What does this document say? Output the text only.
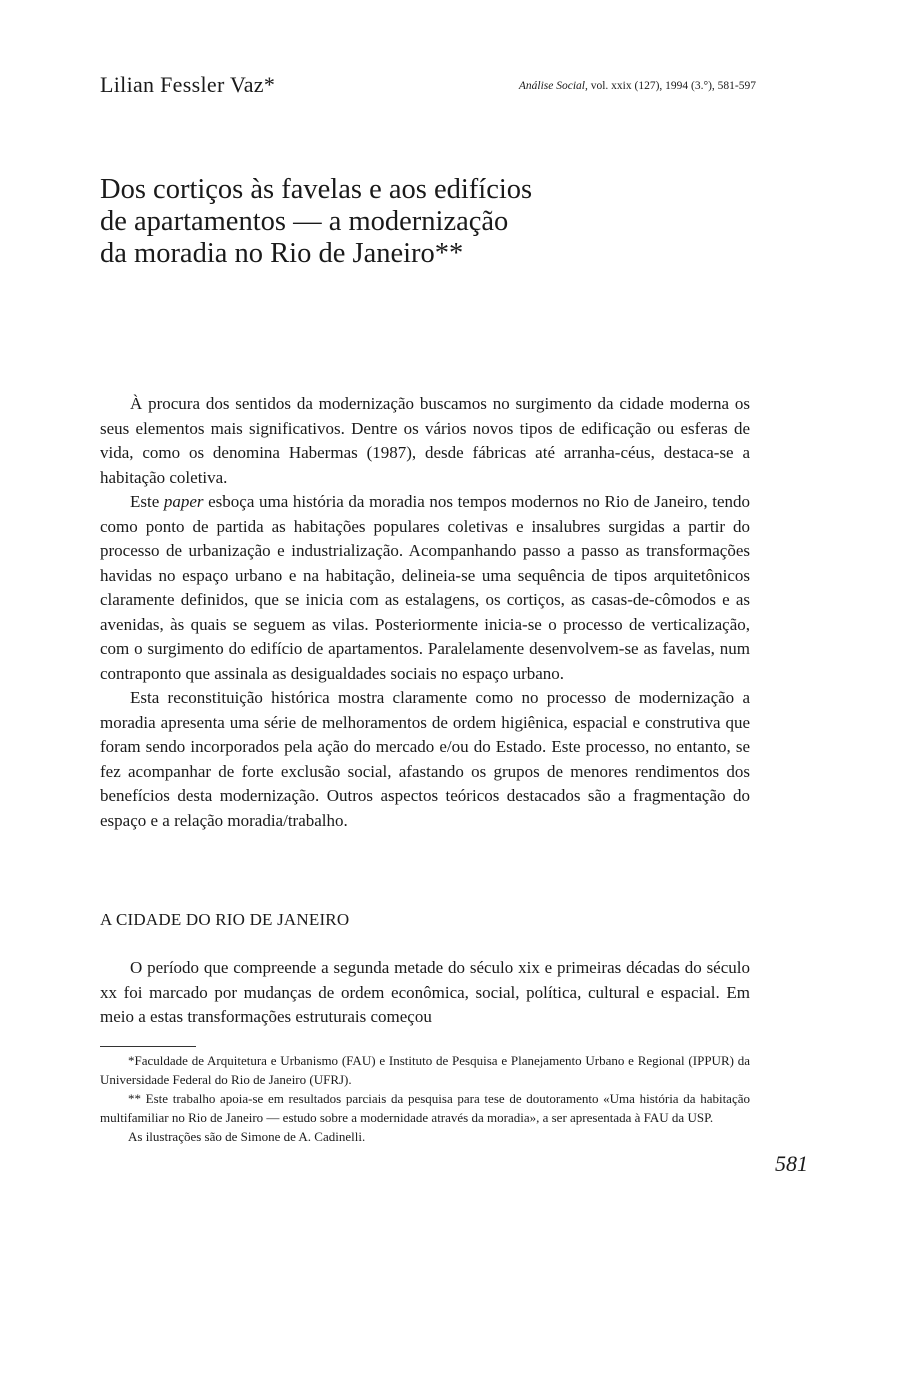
Lilian Fessler Vaz*	Análise Social, vol. xxix (127), 1994 (3.°), 581-597
Dos cortiços às favelas e aos edifícios
de apartamentos — a modernização
da moradia no Rio de Janeiro**

À procura dos sentidos da modernização buscamos no surgimento da cidade moderna os seus elementos mais significativos. Dentre os vários novos tipos de edificação ou esferas de vida, como os denomina Habermas (1987), desde fábricas até arranha-céus, destaca-se a habitação coletiva.

Este paper esboça uma história da moradia nos tempos modernos no Rio de Janeiro, tendo como ponto de partida as habitações populares coletivas e insalubres surgidas a partir do processo de urbanização e industrialização. Acompanhando passo a passo as transformações havidas no espaço urbano e na habitação, delineia-se uma sequência de tipos arquitetônicos claramente definidos, que se inicia com as estalagens, os cortiços, as casas-de-cômodos e as avenidas, às quais se seguem as vilas. Posteriormente inicia-se o processo de verticalização, com o surgimento do edifício de apartamentos. Paralelamente desenvolvem-se as favelas, num contraponto que assinala as desigualdades sociais no espaço urbano.

Esta reconstituição histórica mostra claramente como no processo de modernização a moradia apresenta uma série de melhoramentos de ordem higiênica, espacial e construtiva que foram sendo incorporados pela ação do mercado e/ou do Estado. Este processo, no entanto, se fez acompanhar de forte exclusão social, afastando os grupos de menores rendimentos dos benefícios desta modernização. Outros aspectos teóricos destacados são a fragmentação do espaço e a relação moradia/trabalho.

A CIDADE DO RIO DE JANEIRO

O período que compreende a segunda metade do século xix e primeiras décadas do século xx foi marcado por mudanças de ordem econômica, social, política, cultural e espacial. Em meio a estas transformações estruturais começou

*Faculdade de Arquitetura e Urbanismo (FAU) e Instituto de Pesquisa e Planejamento Urbano e Regional (IPPUR) da Universidade Federal do Rio de Janeiro (UFRJ).

** Este trabalho apoia-se em resultados parciais da pesquisa para tese de doutoramento «Uma história da habitação multifamiliar no Rio de Janeiro — estudo sobre a modernidade através da moradia», a ser apresentada à FAU da USP.

As ilustrações são de Simone de A. Cadinelli.

581
